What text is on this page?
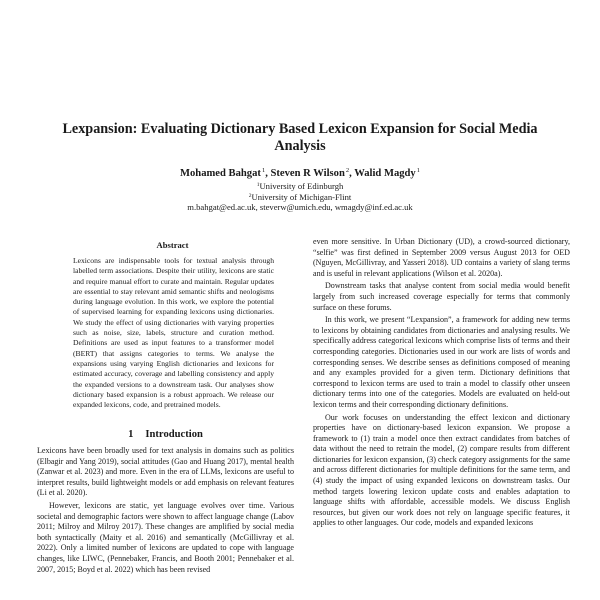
Lexpansion: Evaluating Dictionary Based Lexicon Expansion for Social Media
Analysis
Mohamed Bahgat$^1$, Steven R Wilson$^2$, Walid Magdy$^1$
$^1$University of Edinburgh
$^2$University of Michigan-Flint
m.bahgat@ed.ac.uk, steverw@umich.edu, wmagdy@inf.ed.ac.uk
Abstract

Lexicons are indispensable tools for textual analysis through labelled term associations. Despite their utility, lexicons are static and require manual effort to curate and maintain. Regular updates are essential to stay relevant amid semantic shifts and neologisms during language evolution. In this work, we explore the potential of supervised learning for expanding lexicons using dictionaries. We study the effect of using dictionaries with varying properties such as noise, size, labels, structure and curation method. Definitions are used as input features to a transformer model (BERT) that assigns categories to terms. We analyse the expansions using varying English dictionaries and lexicons for estimated accuracy, coverage and labelling consistency and apply the expanded versions to a downstream task. Our analyses show dictionary based expansion is a robust approach. We release our expanded lexicons, code, and pretrained models.

1 Introduction

Lexicons have been broadly used for text analysis in domains such as politics (Elbagir and Yang 2019), social attitudes (Gao and Huang 2017), mental health (Zanwar et al. 2023) and more. Even in the era of LLMs, lexicons are useful to interpret results, build lightweight models or add emphasis on relevant features (Li et al. 2020).

However, lexicons are static, yet language evolves over time. Various societal and demographic factors were shown to affect language change (Labov 2011; Milroy and Milroy 2017). These changes are amplified by social media both syntactically (Maity et al. 2016) and semantically (McGillivray et al. 2022). Only a limited number of lexicons are updated to cope with language changes, like LIWC, (Pennebaker, Francis, and Booth 2001; Pennebaker et al. 2007, 2015; Boyd et al. 2022) which has been revised

even more sensitive. In Urban Dictionary (UD), a crowd-sourced dictionary, “selfie” was first defined in September 2009 versus August 2013 for OED (Nguyen, McGillivray, and Yasseri 2018). UD contains a variety of slang terms and is useful in relevant applications (Wilson et al. 2020a).

Downstream tasks that analyse content from social media would benefit largely from such increased coverage especially for terms that commonly surface on these forums.

In this work, we present “Lexpansion”, a framework for adding new terms to lexicons by obtaining candidates from dictionaries and analysing results. We specifically address categorical lexicons which comprise lists of terms and their corresponding categories. Dictionaries used in our work are lists of words and corresponding senses. We describe senses as definitions composed of meaning and any examples provided for a given term. Dictionary definitions that correspond to lexicon terms are used to train a model to classify other unseen dictionary terms into one of the categories. Models are evaluated on held-out lexicon terms and their corresponding dictionary definitions.

Our work focuses on understanding the effect lexicon and dictionary properties have on dictionary-based lexicon expansion. We propose a framework to (1) train a model once then extract candidates from batches of data without the need to retrain the model, (2) compare results from different dictionaries for lexicon expansion, (3) check category assignments for the same and across different dictionaries for multiple definitions for the same term, and (4) study the impact of using expanded lexicons on downstream tasks. Our method targets lowering lexicon update costs and enables adaptation to language shifts with affordable, accessible models. We discuss English resources, but given our work does not rely on language specific features, it applies to other languages. Our code, models and expanded lexicons
